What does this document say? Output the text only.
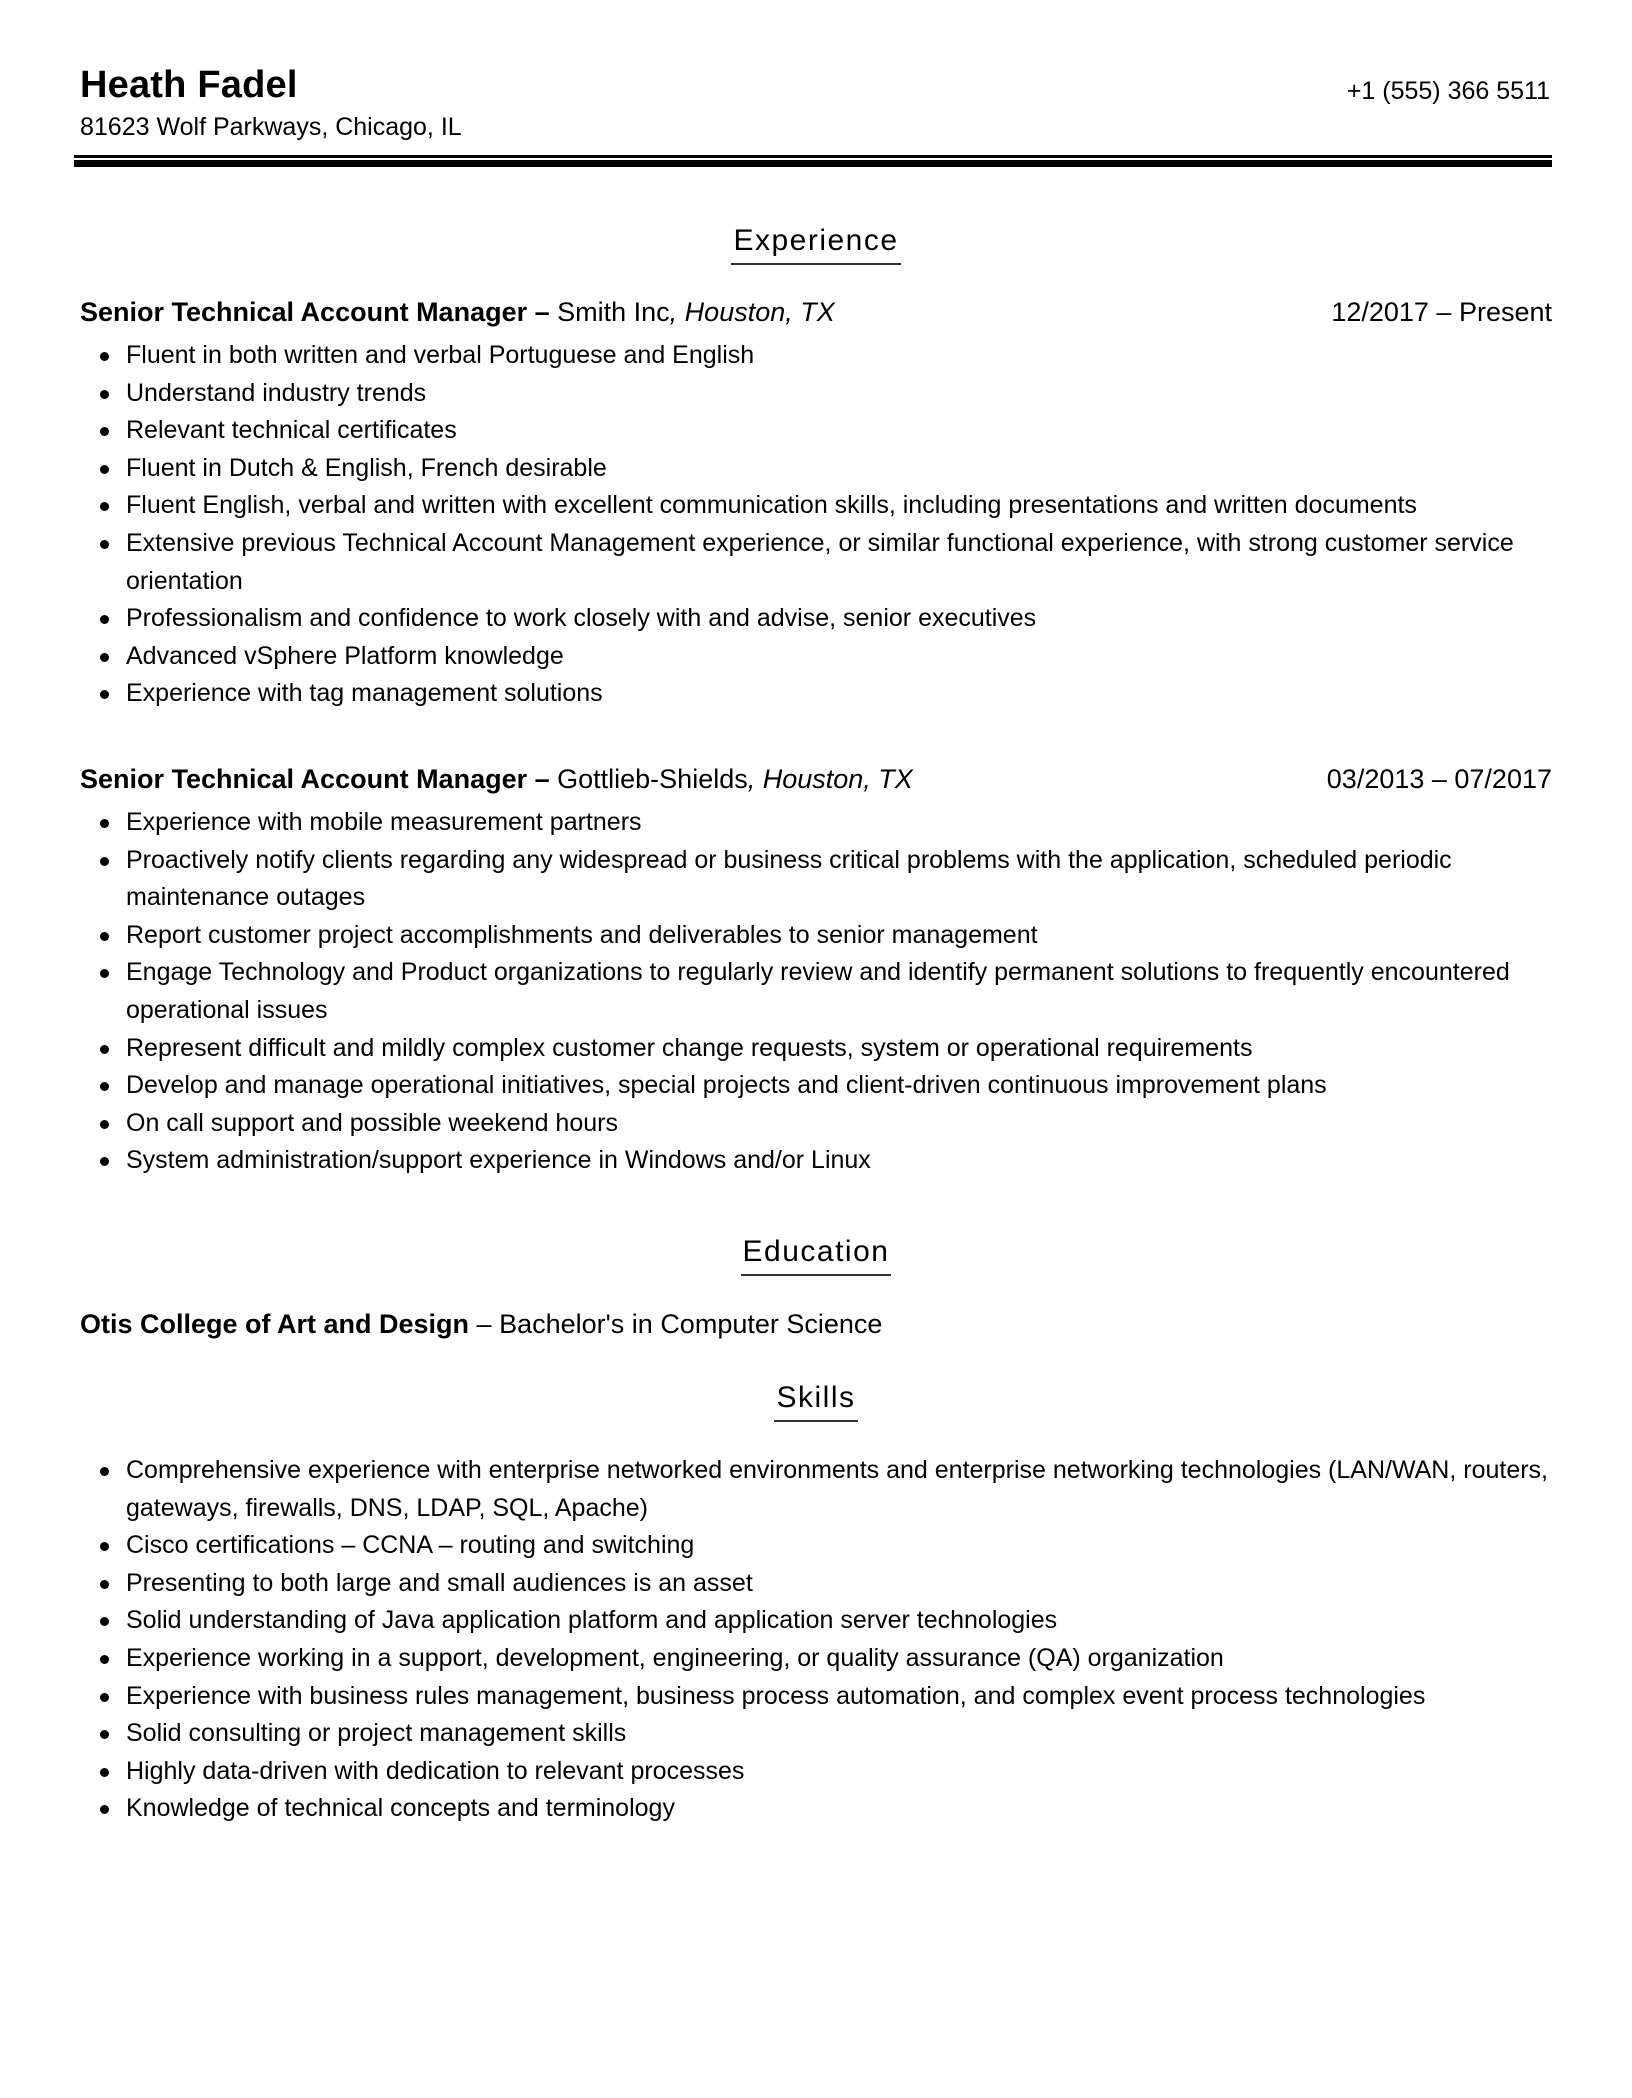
Heath Fadel
81623 Wolf Parkways, Chicago, IL
+1 (555) 366 5511
Experience
Senior Technical Account Manager – Smith Inc, Houston, TX	12/2017 – Present
Fluent in both written and verbal Portuguese and English
Understand industry trends
Relevant technical certificates
Fluent in Dutch & English, French desirable
Fluent English, verbal and written with excellent communication skills, including presentations and written documents
Extensive previous Technical Account Management experience, or similar functional experience, with strong customer service orientation
Professionalism and confidence to work closely with and advise, senior executives
Advanced vSphere Platform knowledge
Experience with tag management solutions
Senior Technical Account Manager – Gottlieb-Shields, Houston, TX	03/2013 – 07/2017
Experience with mobile measurement partners
Proactively notify clients regarding any widespread or business critical problems with the application, scheduled periodic maintenance outages
Report customer project accomplishments and deliverables to senior management
Engage Technology and Product organizations to regularly review and identify permanent solutions to frequently encountered operational issues
Represent difficult and mildly complex customer change requests, system or operational requirements
Develop and manage operational initiatives, special projects and client-driven continuous improvement plans
On call support and possible weekend hours
System administration/support experience in Windows and/or Linux
Education
Otis College of Art and Design – Bachelor's in Computer Science
Skills
Comprehensive experience with enterprise networked environments and enterprise networking technologies (LAN/WAN, routers, gateways, firewalls, DNS, LDAP, SQL, Apache)
Cisco certifications – CCNA – routing and switching
Presenting to both large and small audiences is an asset
Solid understanding of Java application platform and application server technologies
Experience working in a support, development, engineering, or quality assurance (QA) organization
Experience with business rules management, business process automation, and complex event process technologies
Solid consulting or project management skills
Highly data-driven with dedication to relevant processes
Knowledge of technical concepts and terminology
